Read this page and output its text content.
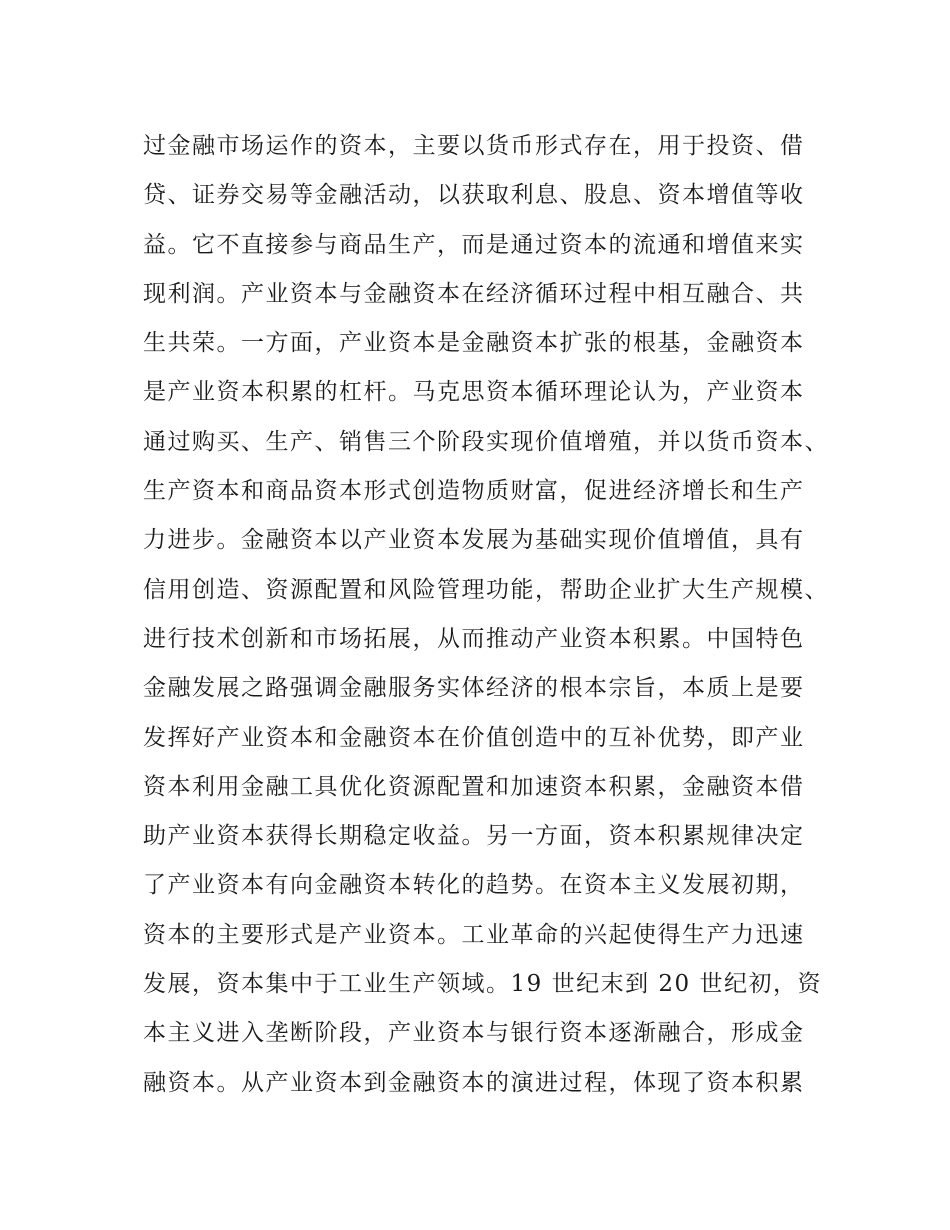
过金融市场运作的资本，主要以货币形式存在，用于投资、借
贷、证券交易等金融活动，以获取利息、股息、资本增值等收
益。它不直接参与商品生产，而是通过资本的流通和增值来实
现利润。产业资本与金融资本在经济循环过程中相互融合、共
生共荣。一方面，产业资本是金融资本扩张的根基，金融资本
是产业资本积累的杠杆。马克思资本循环理论认为，产业资本
通过购买、生产、销售三个阶段实现价值增殖，并以货币资本、
生产资本和商品资本形式创造物质财富，促进经济增长和生产
力进步。金融资本以产业资本发展为基础实现价值增值，具有
信用创造、资源配置和风险管理功能，帮助企业扩大生产规模、
进行技术创新和市场拓展，从而推动产业资本积累。中国特色
金融发展之路强调金融服务实体经济的根本宗旨，本质上是要
发挥好产业资本和金融资本在价值创造中的互补优势，即产业
资本利用金融工具优化资源配置和加速资本积累，金融资本借
助产业资本获得长期稳定收益。另一方面，资本积累规律决定
了产业资本有向金融资本转化的趋势。在资本主义发展初期，
资本的主要形式是产业资本。工业革命的兴起使得生产力迅速
发展，资本集中于工业生产领域。19 世纪末到 20 世纪初，资
本主义进入垄断阶段，产业资本与银行资本逐渐融合，形成金
融资本。从产业资本到金融资本的演进过程，体现了资本积累
